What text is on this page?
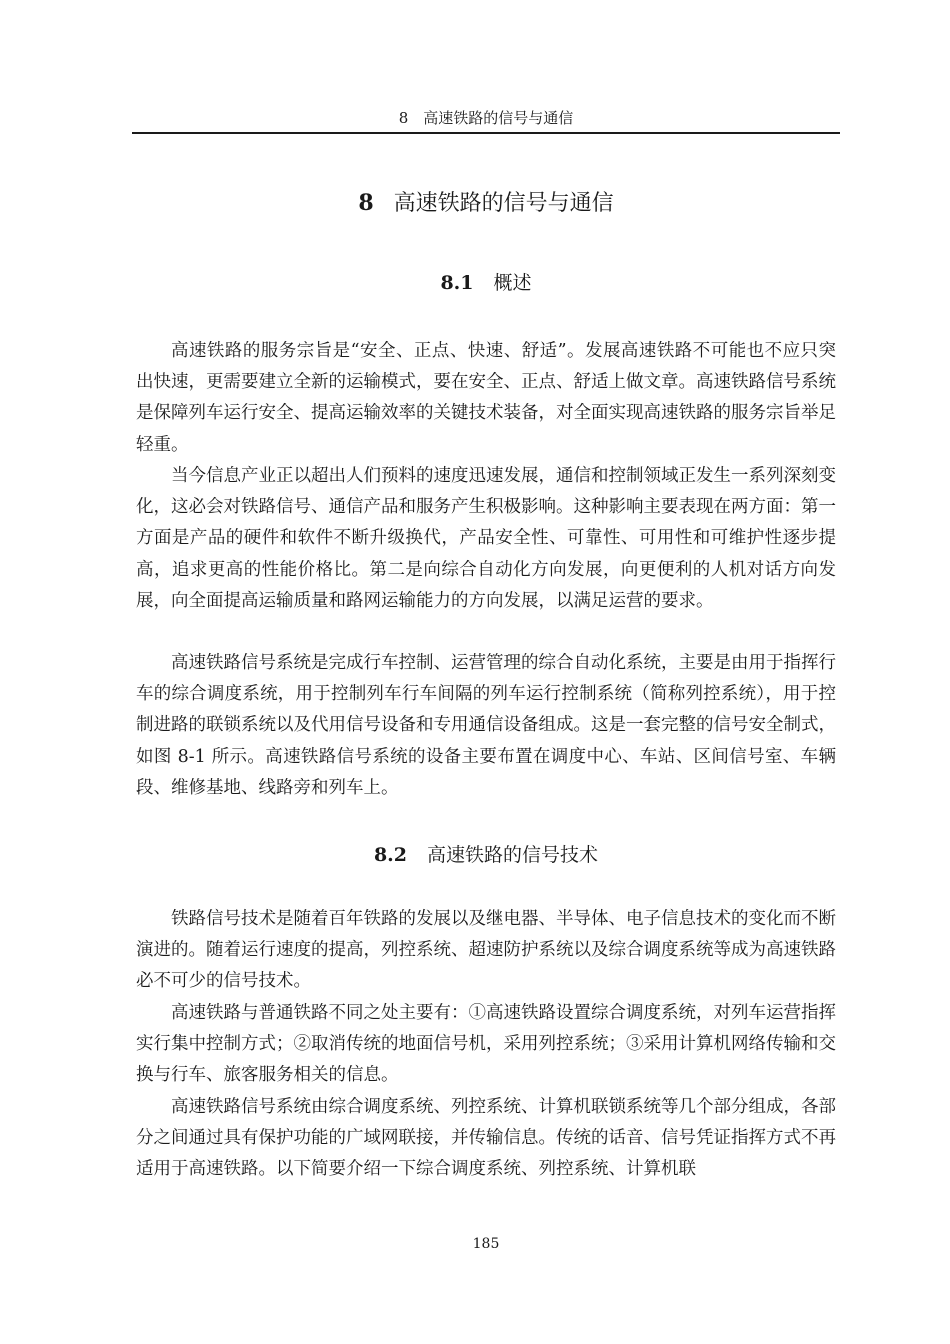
8　高速铁路的信号与通信
8 高速铁路的信号与通信
8.1 概述

高速铁路的服务宗旨是“安全、正点、快速、舒适”。发展高速铁路不可能也不应只突出快速，更需要建立全新的运输模式，要在安全、正点、舒适上做文章。高速铁路信号系统是保障列车运行安全、提高运输效率的关键技术装备，对全面实现高速铁路的服务宗旨举足轻重。

当今信息产业正以超出人们预料的速度迅速发展，通信和控制领域正发生一系列深刻变化，这必会对铁路信号、通信产品和服务产生积极影响。这种影响主要表现在两方面：第一方面是产品的硬件和软件不断升级换代，产品安全性、可靠性、可用性和可维护性逐步提高，追求更高的性能价格比。第二是向综合自动化方向发展，向更便利的人机对话方向发展，向全面提高运输质量和路网运输能力的方向发展，以满足运营的要求。

高速铁路信号系统是完成行车控制、运营管理的综合自动化系统，主要是由用于指挥行车的综合调度系统，用于控制列车行车间隔的列车运行控制系统（简称列控系统），用于控制进路的联锁系统以及代用信号设备和专用通信设备组成。这是一套完整的信号安全制式，如图 8-1 所示。高速铁路信号系统的设备主要布置在调度中心、车站、区间信号室、车辆段、维修基地、线路旁和列车上。

8.2 高速铁路的信号技术

铁路信号技术是随着百年铁路的发展以及继电器、半导体、电子信息技术的变化而不断演进的。随着运行速度的提高，列控系统、超速防护系统以及综合调度系统等成为高速铁路必不可少的信号技术。

高速铁路与普通铁路不同之处主要有：①高速铁路设置综合调度系统，对列车运营指挥实行集中控制方式；②取消传统的地面信号机，采用列控系统；③采用计算机网络传输和交换与行车、旅客服务相关的信息。

高速铁路信号系统由综合调度系统、列控系统、计算机联锁系统等几个部分组成，各部分之间通过具有保护功能的广域网联接，并传输信息。传统的话音、信号凭证指挥方式不再适用于高速铁路。以下简要介绍一下综合调度系统、列控系统、计算机联

185
